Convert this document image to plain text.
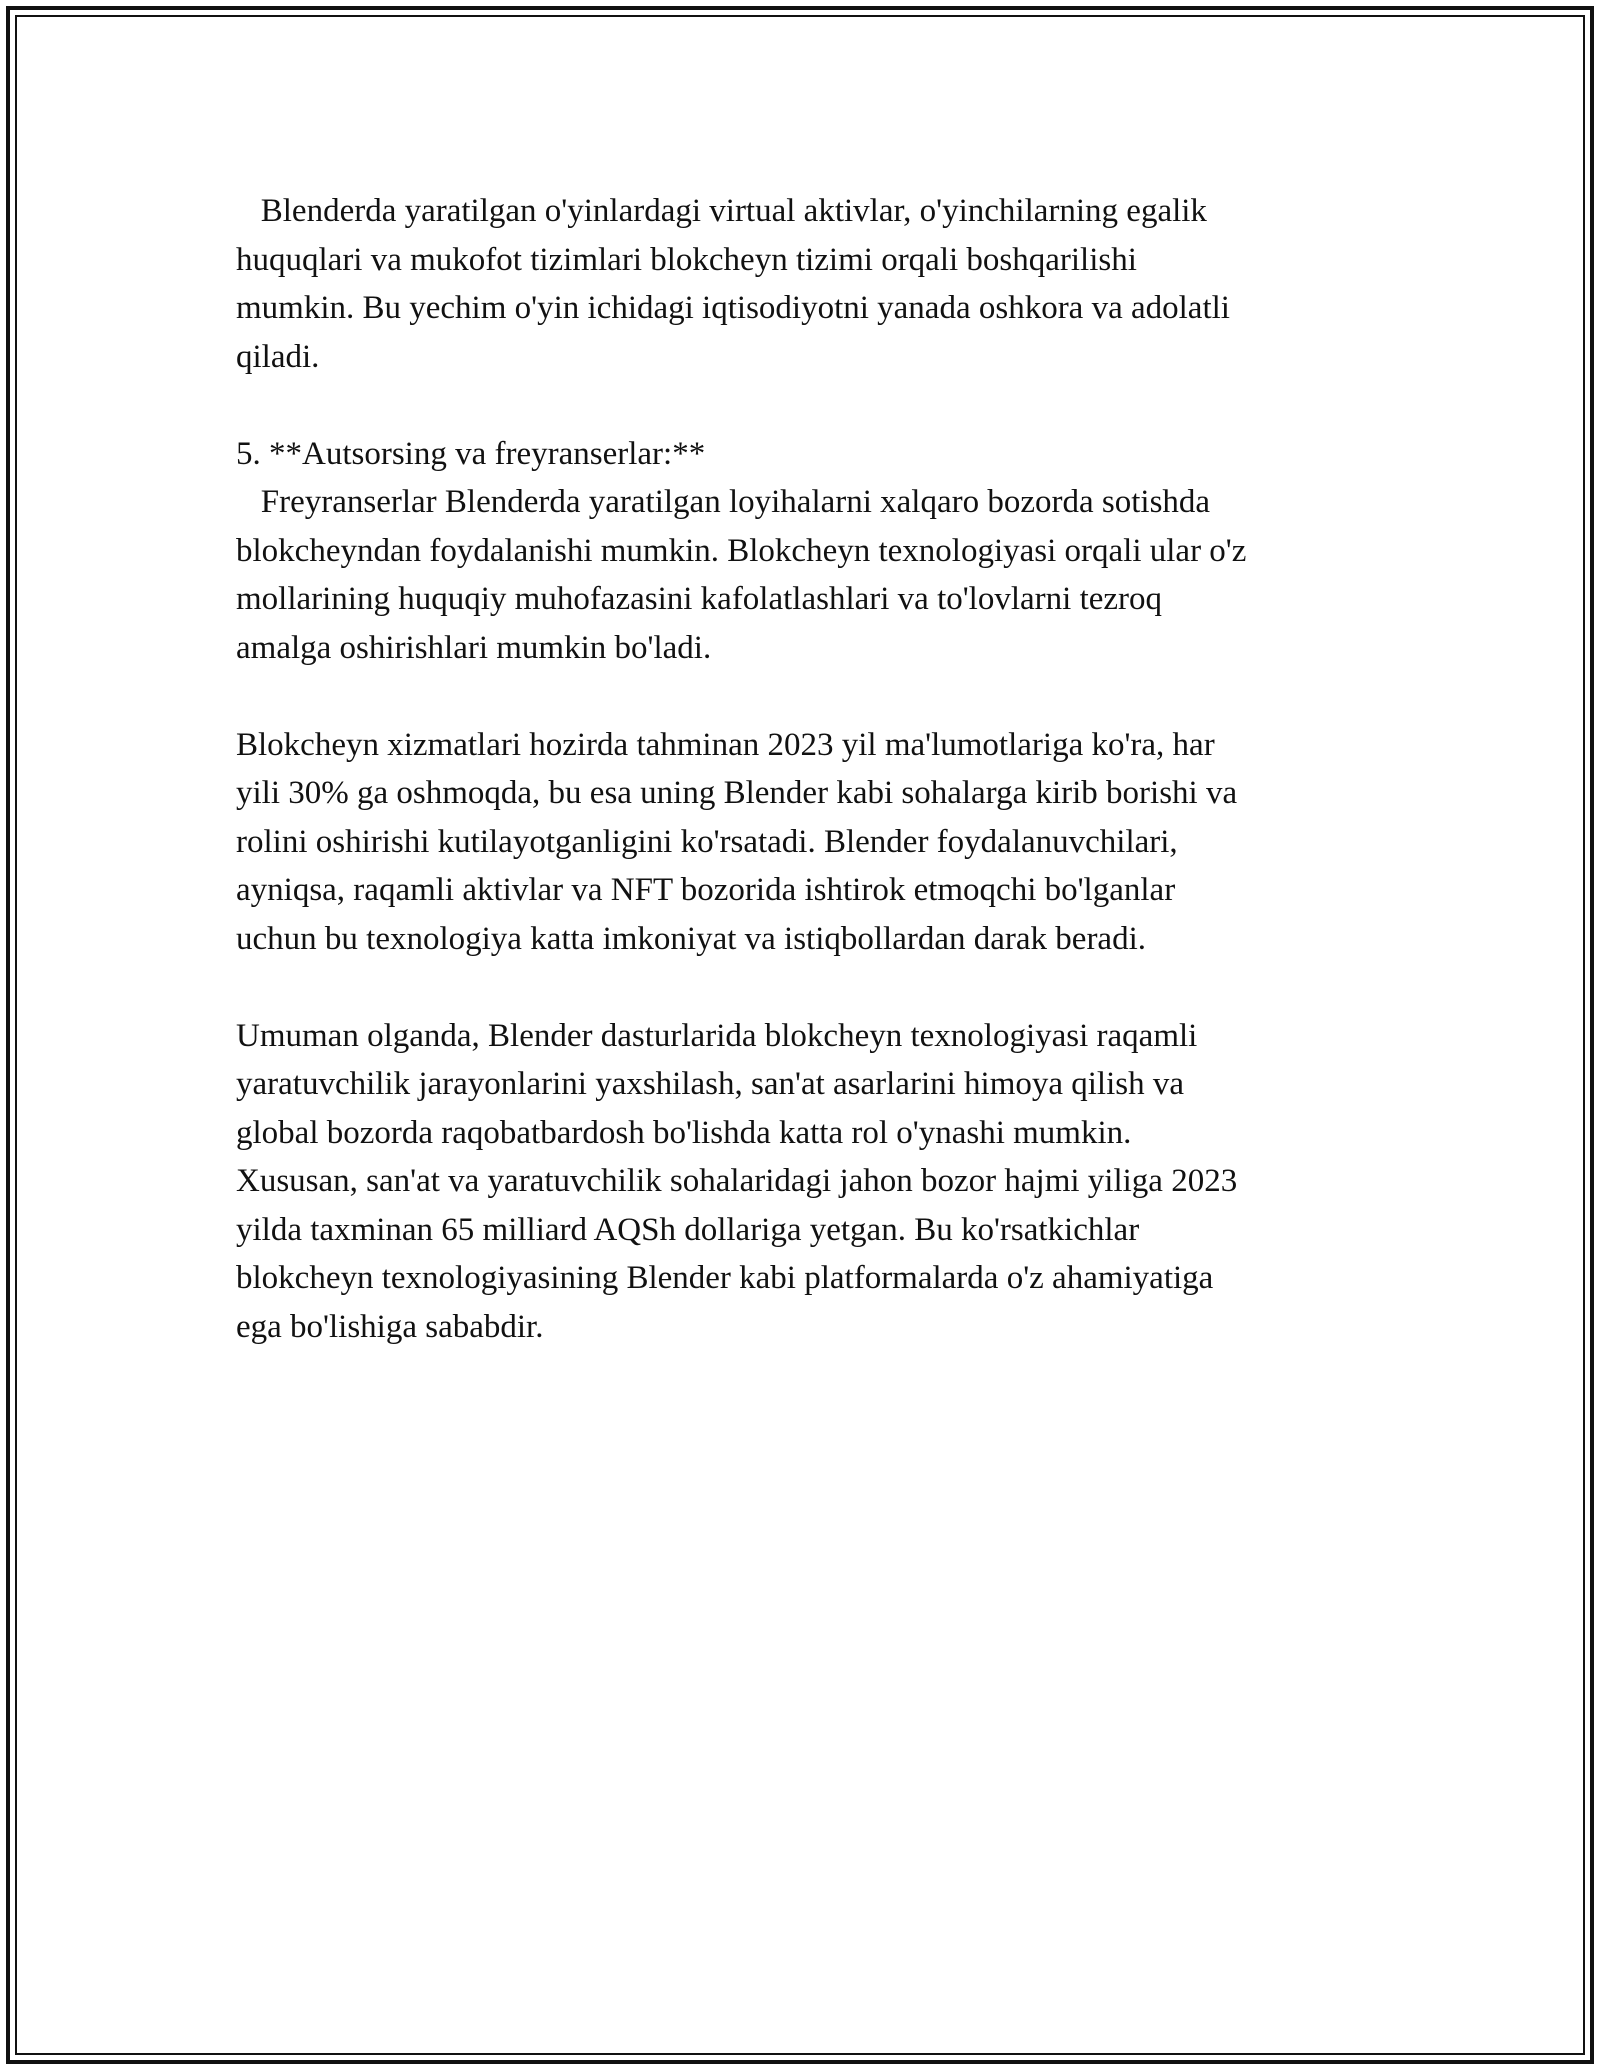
Blenderda yaratilgan o'yinlardagi virtual aktivlar, o'yinchilarning egalik
huquqlari va mukofot tizimlari blokcheyn tizimi orqali boshqarilishi
mumkin. Bu yechim o'yin ichidagi iqtisodiyotni yanada oshkora va adolatli
qiladi.
5. **Autsorsing va freyranserlar:**
Freyranserlar Blenderda yaratilgan loyihalarni xalqaro bozorda sotishda
blokcheyndan foydalanishi mumkin. Blokcheyn texnologiyasi orqali ular o'z
mollarining huquqiy muhofazasini kafolatlashlari va to'lovlarni tezroq
amalga oshirishlari mumkin bo'ladi.
Blokcheyn xizmatlari hozirda tahminan 2023 yil ma'lumotlariga ko'ra, har
yili 30% ga oshmoqda, bu esa uning Blender kabi sohalarga kirib borishi va
rolini oshirishi kutilayotganligini ko'rsatadi. Blender foydalanuvchilari,
ayniqsa, raqamli aktivlar va NFT bozorida ishtirok etmoqchi bo'lganlar
uchun bu texnologiya katta imkoniyat va istiqbollardan darak beradi.
Umuman olganda, Blender dasturlarida blokcheyn texnologiyasi raqamli
yaratuvchilik jarayonlarini yaxshilash, san'at asarlarini himoya qilish va
global bozorda raqobatbardosh bo'lishda katta rol o'ynashi mumkin.
Xususan, san'at va yaratuvchilik sohalaridagi jahon bozor hajmi yiliga 2023
yilda taxminan 65 milliard AQSh dollariga yetgan. Bu ko'rsatkichlar
blokcheyn texnologiyasining Blender kabi platformalarda o'z ahamiyatiga
ega bo'lishiga sababdir.
